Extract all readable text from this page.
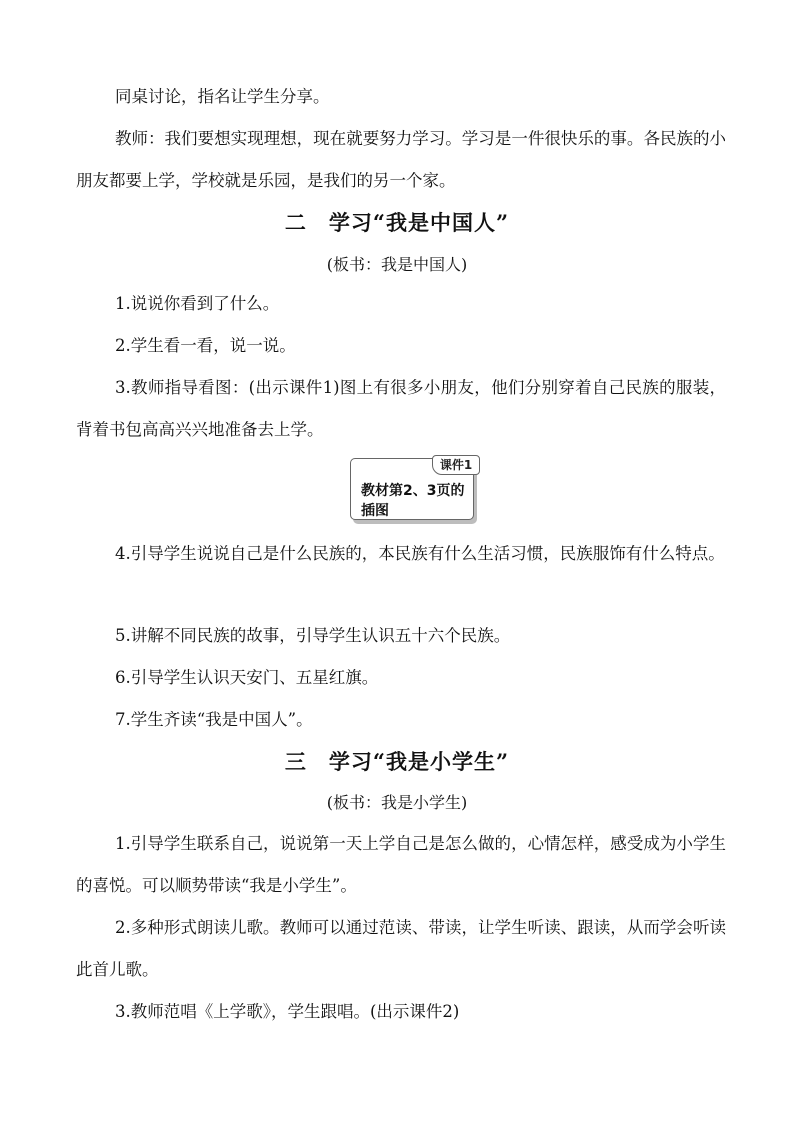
同桌讨论，指名让学生分享。

教师：我们要想实现理想，现在就要努力学习。学习是一件很快乐的事。各民族的小朋友都要上学，学校就是乐园，是我们的另一个家。

二　学习“我是中国人”

(板书：我是中国人)

1.说说你看到了什么。

2.学生看一看，说一说。

3.教师指导看图：(出示课件1)图上有很多小朋友，他们分别穿着自己民族的服装，背着书包高高兴兴地准备去上学。

教材第2、3页的插图
课件1

4.引导学生说说自己是什么民族的，本民族有什么生活习惯，民族服饰有什么特点。

5.讲解不同民族的故事，引导学生认识五十六个民族。

6.引导学生认识天安门、五星红旗。

7.学生齐读“我是中国人”。

三　学习“我是小学生”

(板书：我是小学生)

1.引导学生联系自己，说说第一天上学自己是怎么做的，心情怎样，感受成为小学生的喜悦。可以顺势带读“我是小学生”。

2.多种形式朗读儿歌。教师可以通过范读、带读，让学生听读、跟读，从而学会听读此首儿歌。

3.教师范唱《上学歌》，学生跟唱。(出示课件2)
